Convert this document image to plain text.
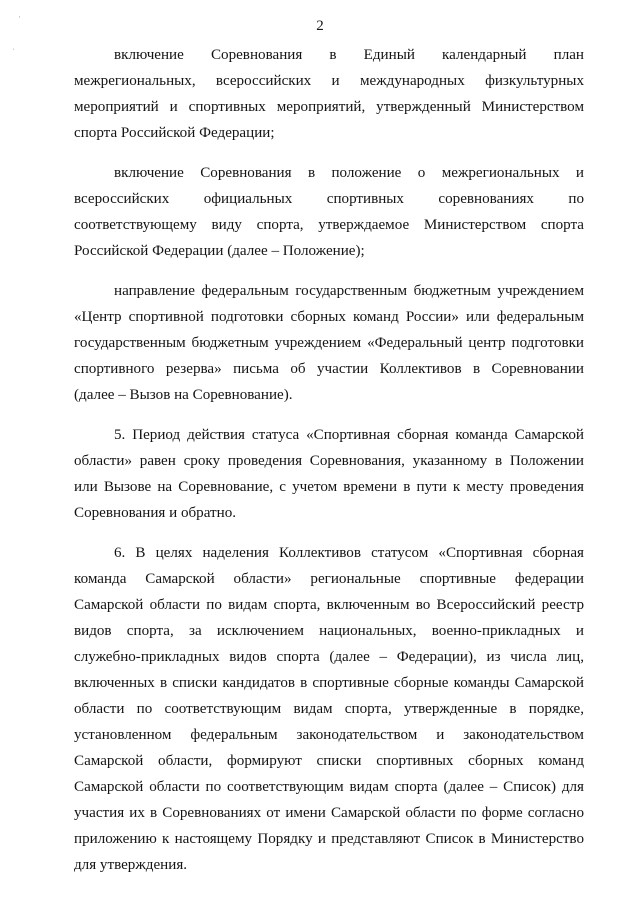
·
ˌ
2
включение Соревнования в Единый календарный план
межрегиональных, всероссийских и международных физкультурных
мероприятий и спортивных мероприятий, утвержденный Министерством
спорта Российской Федерации;
включение Соревнования в положение о межрегиональных и
всероссийских официальных спортивных соревнованиях по
соответствующему виду спорта, утверждаемое Министерством спорта
Российской Федерации (далее – Положение);
направление федеральным государственным бюджетным учреждением
«Центр спортивной подготовки сборных команд России» или федеральным
государственным бюджетным учреждением «Федеральный центр подготовки
спортивного резерва» письма об участии Коллективов в Соревновании
(далее – Вызов на Соревнование).
5. Период действия статуса «Спортивная сборная команда Самарской
области» равен сроку проведения Соревнования, указанному в Положении
или Вызове на Соревнование, с учетом времени в пути к месту проведения
Соревнования и обратно.
6. В целях наделения Коллективов статусом «Спортивная сборная
команда Самарской области» региональные спортивные федерации
Самарской области по видам спорта, включенным во Всероссийский реестр
видов спорта, за исключением национальных, военно-прикладных и
служебно-прикладных видов спорта (далее – Федерации), из числа лиц,
включенных в списки кандидатов в спортивные сборные команды Самарской
области по соответствующим видам спорта, утвержденные в порядке,
установленном федеральным законодательством и законодательством
Самарской области, формируют списки спортивных сборных команд
Самарской области по соответствующим видам спорта (далее – Список) для
участия их в Соревнованиях от имени Самарской области по форме согласно
приложению к настоящему Порядку и представляют Список в Министерство
для утверждения.
